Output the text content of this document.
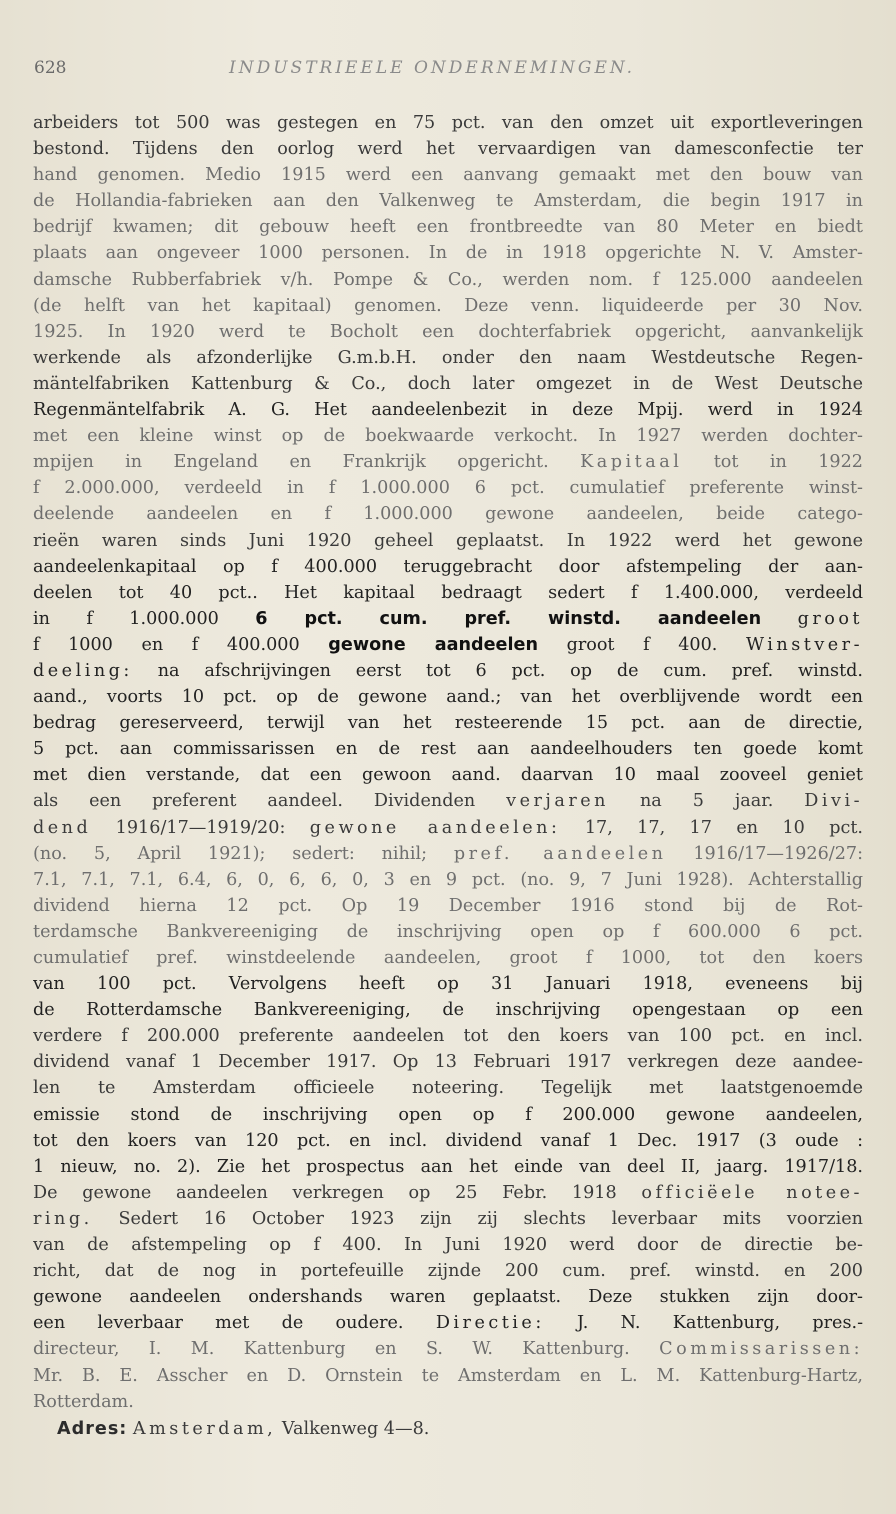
628	INDUSTRIEELE ONDERNEMINGEN.
arbeiders tot 500 was gestegen en 75 pct. van den omzet uit exportleveringen
bestond. Tijdens den oorlog werd het vervaardigen van damesconfectie ter
hand genomen. Medio 1915 werd een aanvang gemaakt met den bouw van
de Hollandia-fabrieken aan den Valkenweg te Amsterdam, die begin 1917 in
bedrijf kwamen; dit gebouw heeft een frontbreedte van 80 Meter en biedt
plaats aan ongeveer 1000 personen. In de in 1918 opgerichte N. V. Amster-
damsche Rubberfabriek v/h. Pompe & Co., werden nom. f 125.000 aandeelen
(de helft van het kapitaal) genomen. Deze venn. liquideerde per 30 Nov.
1925. In 1920 werd te Bocholt een dochterfabriek opgericht, aanvankelijk
werkende als afzonderlijke G.m.b.H. onder den naam Westdeutsche Regen-
mäntelfabriken Kattenburg & Co., doch later omgezet in de West Deutsche
Regenmäntelfabrik A. G. Het aandeelenbezit in deze Mpij. werd in 1924
met een kleine winst op de boekwaarde verkocht. In 1927 werden dochter-
mpijen in Engeland en Frankrijk opgericht. Kapitaal tot in 1922
f 2.000.000, verdeeld in f 1.000.000 6 pct. cumulatief preferente winst-
deelende aandeelen en f 1.000.000 gewone aandeelen, beide catego-
rieën waren sinds Juni 1920 geheel geplaatst. In 1922 werd het gewone
aandeelenkapitaal op f 400.000 teruggebracht door afstempeling der aan-
deelen tot 40 pct.. Het kapitaal bedraagt sedert f 1.400.000, verdeeld
in f 1.000.000 6 pct. cum. pref. winstd. aandeelen groot
f 1000 en f 400.000 gewone aandeelen groot f 400. Winstver-
deeling: na afschrijvingen eerst tot 6 pct. op de cum. pref. winstd.
aand., voorts 10 pct. op de gewone aand.; van het overblijvende wordt een
bedrag gereserveerd, terwijl van het resteerende 15 pct. aan de directie,
5 pct. aan commissarissen en de rest aan aandeelhouders ten goede komt
met dien verstande, dat een gewoon aand. daarvan 10 maal zooveel geniet
als een preferent aandeel. Dividenden verjaren na 5 jaar. Divi-
dend 1916/17—1919/20: gewone aandeelen: 17, 17, 17 en 10 pct.
(no. 5, April 1921); sedert: nihil; pref. aandeelen 1916/17—1926/27:
7.1, 7.1, 7.1, 6.4, 6, 0, 6, 6, 0, 3 en 9 pct. (no. 9, 7 Juni 1928). Achterstallig
dividend hierna 12 pct. Op 19 December 1916 stond bij de Rot-
terdamsche Bankvereeniging de inschrijving open op f 600.000 6 pct.
cumulatief pref. winstdeelende aandeelen, groot f 1000, tot den koers
van 100 pct. Vervolgens heeft op 31 Januari 1918, eveneens bij
de Rotterdamsche Bankvereeniging, de inschrijving opengestaan op een
verdere f 200.000 preferente aandeelen tot den koers van 100 pct. en incl.
dividend vanaf 1 December 1917. Op 13 Februari 1917 verkregen deze aandee-
len te Amsterdam officieele noteering. Tegelijk met laatstgenoemde
emissie stond de inschrijving open op f 200.000 gewone aandeelen,
tot den koers van 120 pct. en incl. dividend vanaf 1 Dec. 1917 (3 oude :
1 nieuw, no. 2). Zie het prospectus aan het einde van deel II, jaarg. 1917/18.
De gewone aandeelen verkregen op 25 Febr. 1918 officiëele notee-
ring. Sedert 16 October 1923 zijn zij slechts leverbaar mits voorzien
van de afstempeling op f 400. In Juni 1920 werd door de directie be-
richt, dat de nog in portefeuille zijnde 200 cum. pref. winstd. en 200
gewone aandeelen ondershands waren geplaatst. Deze stukken zijn door-
een leverbaar met de oudere. Directie: J. N. Kattenburg, pres.-
directeur, I. M. Kattenburg en S. W. Kattenburg. Commissarissen:
Mr. B. E. Asscher en D. Ornstein te Amsterdam en L. M. Kattenburg-Hartz,
Rotterdam.
Adres: Amsterdam, Valkenweg 4—8.
